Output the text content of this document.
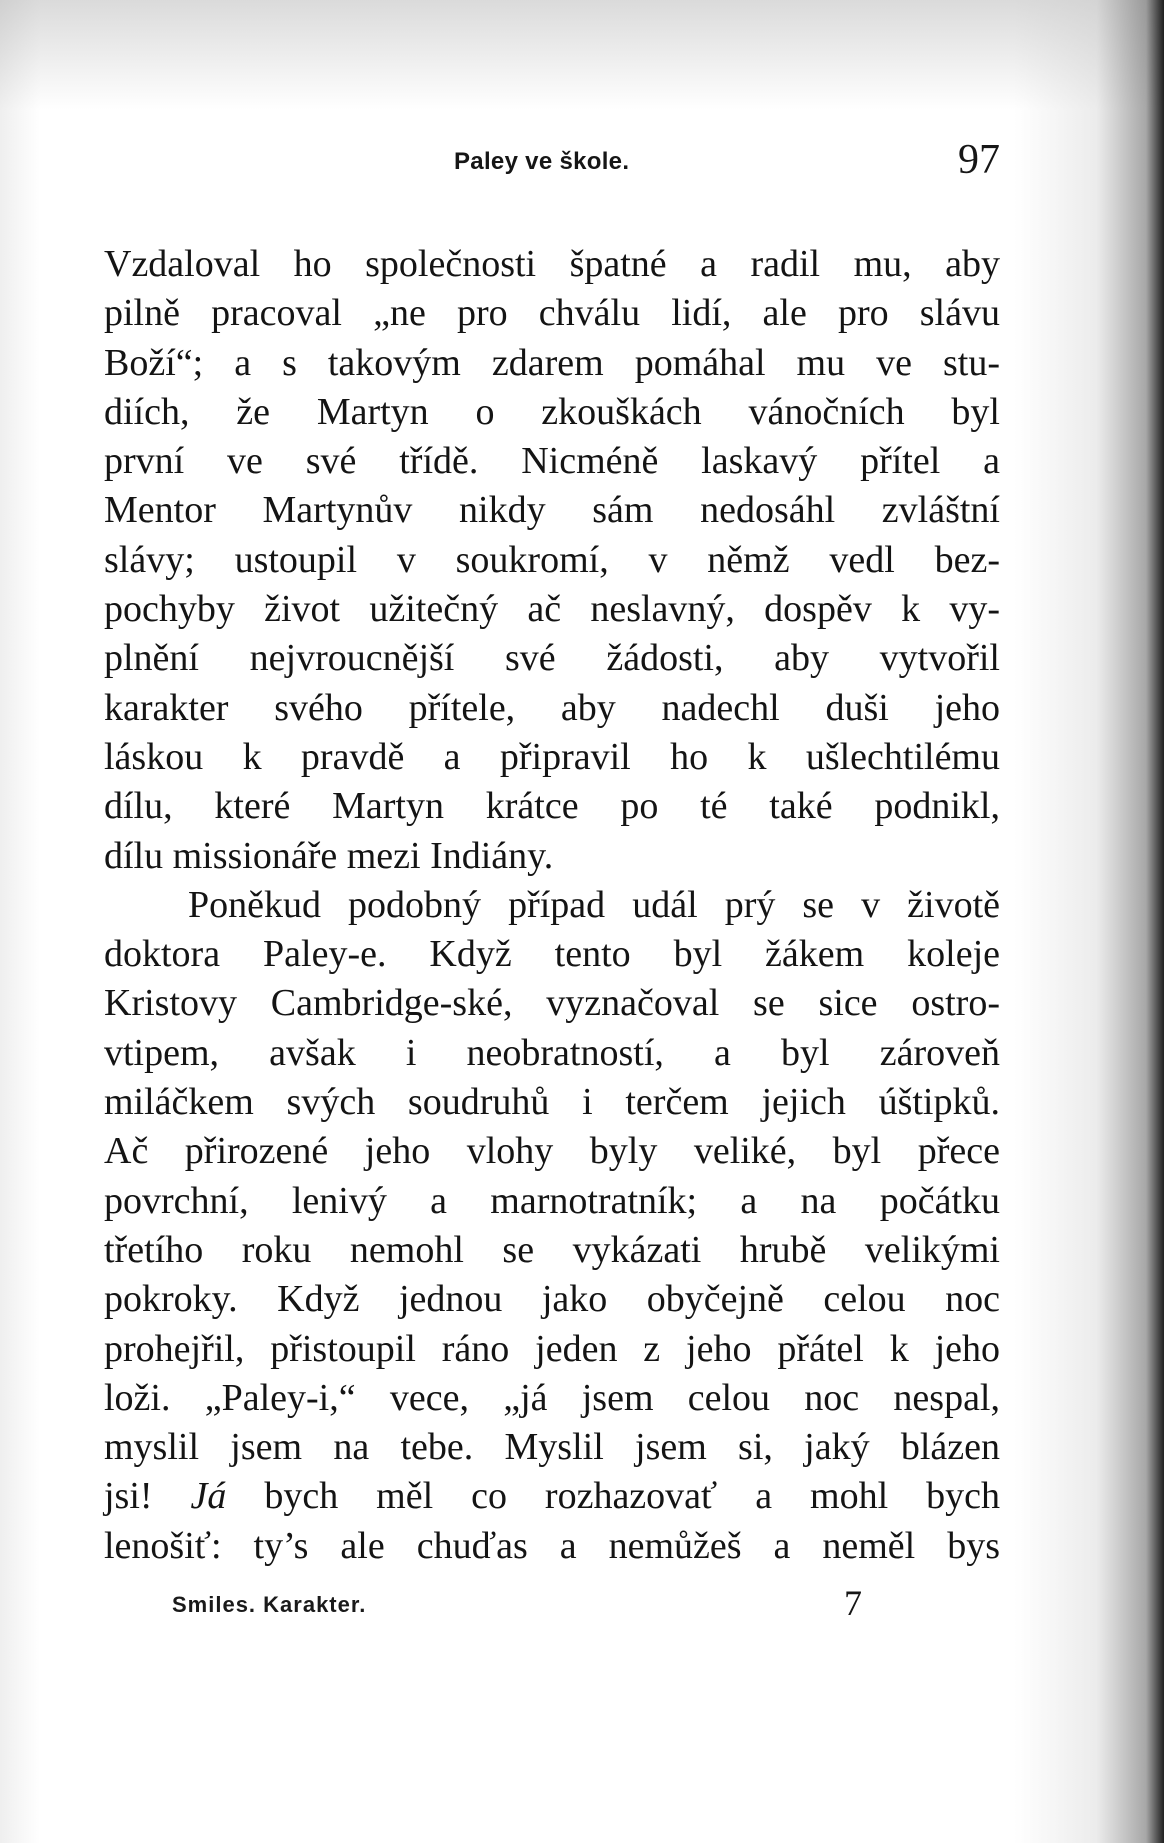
Paley ve škole.	97
Vzdaloval ho společnosti špatné a radil mu, aby
pilně pracoval „ne pro chválu lidí, ale pro slávu
Boží“; a s takovým zdarem pomáhal mu ve stu-
diích, že Martyn o zkouškách vánočních byl
první ve své třídě. Nicméně laskavý přítel a
Mentor Martynův nikdy sám nedosáhl zvláštní
slávy; ustoupil v soukromí, v němž vedl bez-
pochyby život užitečný ač neslavný, dospěv k vy-
plnění nejvroucnější své žádosti, aby vytvořil
karakter svého přítele, aby nadechl duši jeho
láskou k pravdě a připravil ho k ušlechtilému
dílu, které Martyn krátce po té také podnikl,
dílu missionáře mezi Indiány.
Poněkud podobný případ udál prý se v životě
doktora Paley-e. Když tento byl žákem koleje
Kristovy Cambridge-ské, vyznačoval se sice ostro-
vtipem, avšak i neobratností, a byl zároveň
miláčkem svých soudruhů i terčem jejich úštipků.
Ač přirozené jeho vlohy byly veliké, byl přece
povrchní, lenivý a marnotratník; a na počátku
třetího roku nemohl se vykázati hrubě velikými
pokroky. Když jednou jako obyčejně celou noc
prohejřil, přistoupil ráno jeden z jeho přátel k jeho
loži. „Paley-i,“ vece, „já jsem celou noc nespal,
myslil jsem na tebe. Myslil jsem si, jaký blázen
jsi! Já bych měl co rozhazovať a mohl bych
lenošiť: ty’s ale chuďas a nemůžeš a neměl bys
Smiles. Karakter.	7
